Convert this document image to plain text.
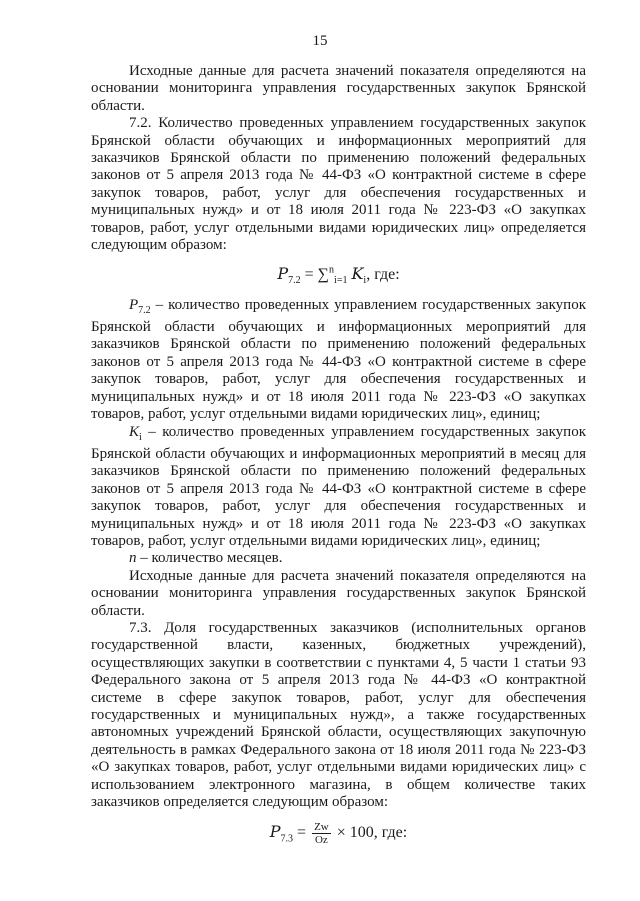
15

Исходные данные для расчета значений показателя определяются на основании мониторинга управления государственных закупок Брянской области.

7.2. Количество проведенных управлением государственных закупок Брянской области обучающих и информационных мероприятий для заказчиков Брянской области по применению положений федеральных законов от 5 апреля 2013 года № 44-ФЗ «О контрактной системе в сфере закупок товаров, работ, услуг для обеспечения государственных и муниципальных нужд» и от 18 июля 2011 года № 223-ФЗ «О закупках товаров, работ, услуг отдельными видами юридических лиц» определяется следующим образом:

$P_{7.2} = \sum^n_{i=1}$ $K_i$, где:

$P_{7.2}$ – количество проведенных управлением государственных закупок Брянской области обучающих и информационных мероприятий для заказчиков Брянской области по применению положений федеральных законов от 5 апреля 2013 года № 44-ФЗ «О контрактной системе в сфере закупок товаров, работ, услуг для обеспечения государственных и муниципальных нужд» и от 18 июля 2011 года № 223-ФЗ «О закупках товаров, работ, услуг отдельными видами юридических лиц», единиц;

$K_i$ – количество проведенных управлением государственных закупок Брянской области обучающих и информационных мероприятий в месяц для заказчиков Брянской области по применению положений федеральных законов от 5 апреля 2013 года № 44-ФЗ «О контрактной системе в сфере закупок товаров, работ, услуг для обеспечения государственных и муниципальных нужд» и от 18 июля 2011 года № 223-ФЗ «О закупках товаров, работ, услуг отдельными видами юридических лиц», единиц;

n – количество месяцев.

Исходные данные для расчета значений показателя определяются на основании мониторинга управления государственных закупок Брянской области.

7.3. Доля государственных заказчиков (исполнительных органов государственной власти, казенных, бюджетных учреждений), осуществляющих закупки в соответствии с пунктами 4, 5 части 1 статьи 93 Федерального закона от 5 апреля 2013 года № 44-ФЗ «О контрактной системе в сфере закупок товаров, работ, услуг для обеспечения государственных и муниципальных нужд», а также государственных автономных учреждений Брянской области, осуществляющих закупочную деятельность в рамках Федерального закона от 18 июля 2011 года № 223-ФЗ «О закупках товаров, работ, услуг отдельными видами юридических лиц» с использованием электронного магазина, в общем количестве таких заказчиков определяется следующим образом:

$P_{7.3} = \frac{Zw}{Oz} \times 100$, где:
